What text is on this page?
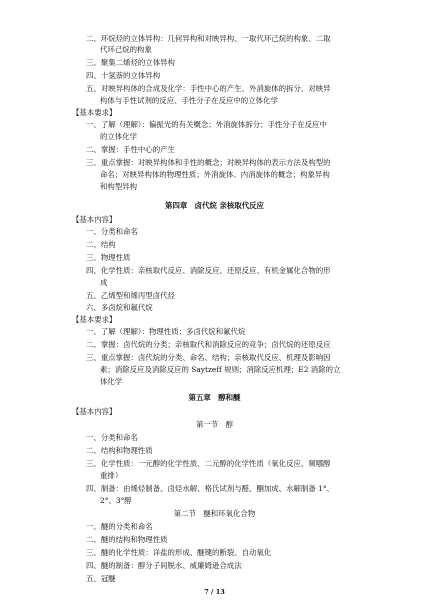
二、环烷烃的立体异构：几何异构和对映异构、一取代环己烷的构象、二取
代环己烷的构象
三、聚集二烯烃的立体异构
四、十氢萘的立体异构
五、对映异构体的合成及化学：手性中心的产生、外消旋体的拆分、对映异
构体与手性试剂的反应、手性分子在反应中的立体化学
【基本要求】
一、了解（理解）：偏振光的有关概念；外消旋体拆分；手性分子在反应中
的立体化学
二、掌握：手性中心的产生
三、重点掌握：对映异构体和手性的概念；对映异构体的表示方法及构型的
命名；对映异构体的物理性质；外消旋体、内消旋体的概念；构象异构
和构型异构
第四章　卤代烷 亲核取代反应
【基本内容】
一、分类和命名
二、结构
三、物理性质
四、化学性质：亲核取代反应、消除反应、还原反应、有机金属化合物的形
成
五、乙烯型和烯丙型卤代烃
六、多卤烷和氟代烷
【基本要求】
一、了解（理解）：物理性质；多卤代烷和氟代烷
二、掌握：卤代烷的分类；亲核取代和消除反应的竞争；卤代烷的还原反应
三、重点掌握：卤代烷的分类、命名、结构；亲核取代反应、机理及影响因
素；消除反应及消除反应的 Saytzeff 规则；消除反应机理；E2 消除的立
体化学
第五章　醇和醚
【基本内容】
第一节　醇
一、分类和命名
二、结构和物理性质
三、化学性质：一元醇的化学性质、二元醇的化学性质（氧化反应、频哪醇
重排）
四、制备：由烯烃制备、卤烃水解、格氏试剂与醛、酮加成、水解制备 1°、
2°、3°醇
第二节　醚和环氧化合物
一、醚的分类和命名
二、醚的结构和物理性质
三、醚的化学性质：详盐的形成、醚键的断裂、自动氧化
四、醚的制备：醇分子间脱水、威廉姆逊合成法
五、冠醚
7 / 13
